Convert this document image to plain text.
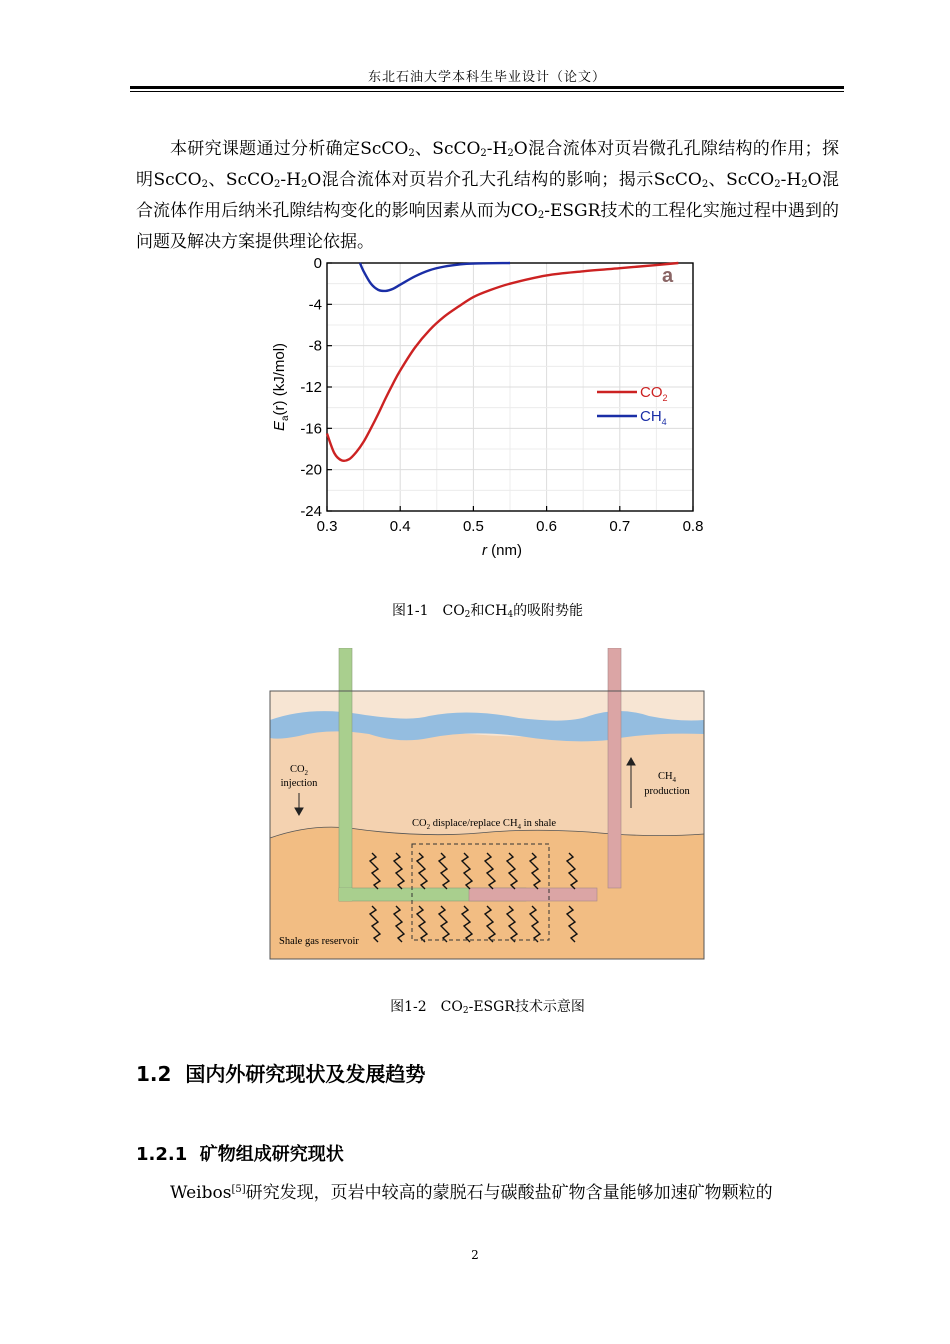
东北石油大学本科生毕业设计（论文）
本研究课题通过分析确定ScCO$_2$、$ScCO_2-H_2O$混合流体对页岩微孔孔隙结构的作用；探明ScCO$_2$、$ScCO_2-H_2O$混合流体对页岩介孔大孔结构的影响；揭示ScCO$_2$、$ScCO_2-H_2O$混合流体作用后纳米孔隙结构变化的影响因素从而为$CO_2$-ESGR技术的工程化实施过程中遇到的问题及解决方案提供理论依据。
0
-4
-8
-12
-16
-20
-24
0.3	0.4	0.5	0.6	0.7	0.8
a
$CO_2$
$CH_4$
r (nm)
$E_a(r)$ (kJ/mol)
图1-1　$CO_2$和$CH_4$的吸附势能
$CO_2$
injection
$CH_4$
production
$CO_2$ displace/replace $CH_4$ in shale
Shale gas reservoir
图1-2　$CO_2$-ESGR技术示意图
1.2 国内外研究现状及发展趋势
1.2.1 矿物组成研究现状
Weibos[5]研究发现，页岩中较高的蒙脱石与碳酸盐矿物含量能够加速矿物颗粒的
2
